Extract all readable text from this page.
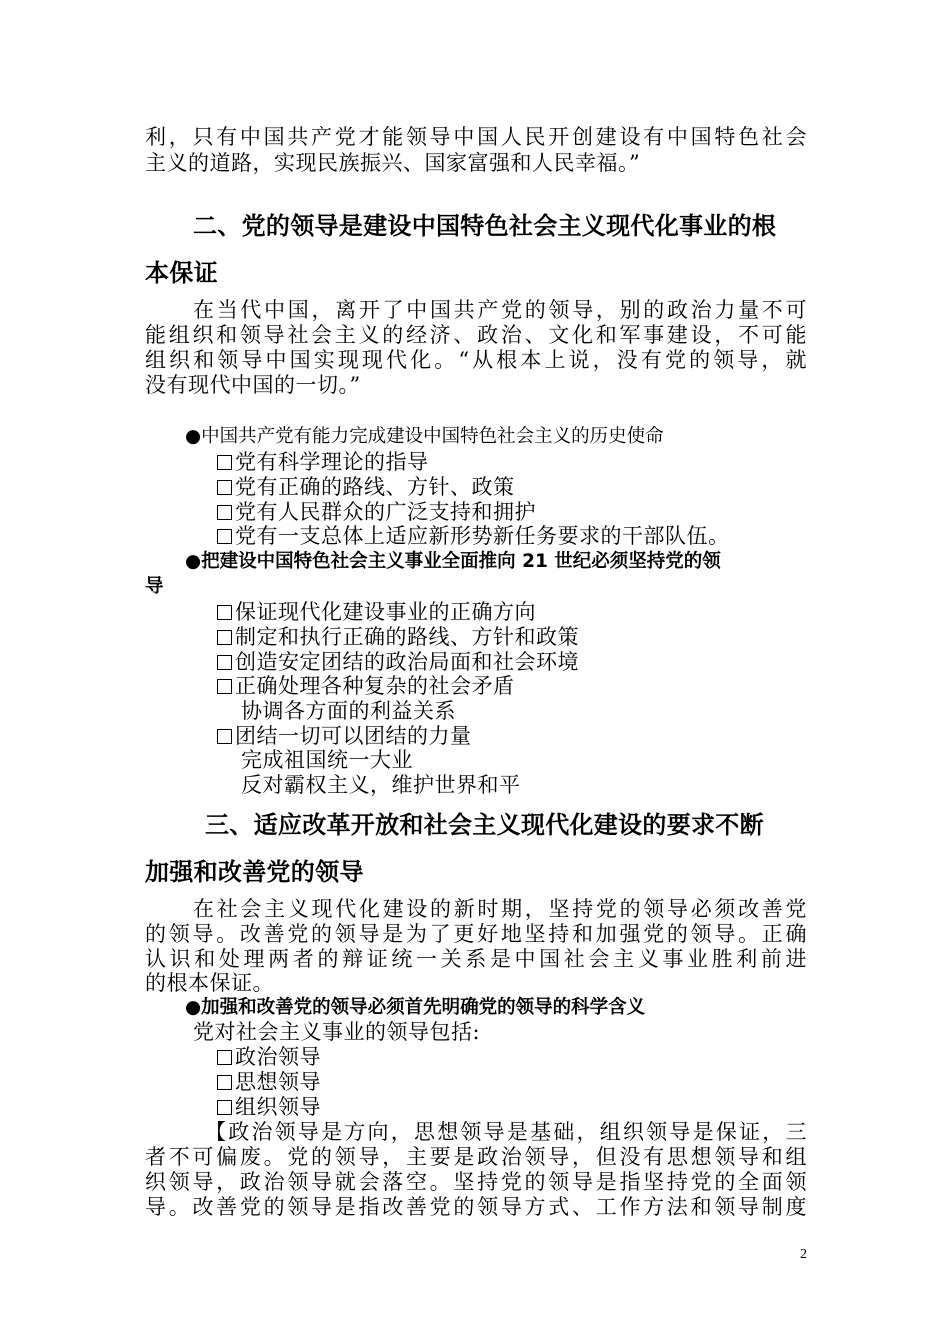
利，只有中国共产党才能领导中国人民开创建设有中国特色社会
主义的道路，实现民族振兴、国家富强和人民幸福。”
二、党的领导是建设中国特色社会主义现代化事业的根
本保证
在当代中国，离开了中国共产党的领导，别的政治力量不可
能组织和领导社会主义的经济、政治、文化和军事建设，不可能
组织和领导中国实现现代化。“从根本上说，没有党的领导，就
没有现代中国的一切。”
●中国共产党有能力完成建设中国特色社会主义的历史使命
党有科学理论的指导
党有正确的路线、方针、政策
党有人民群众的广泛支持和拥护
党有一支总体上适应新形势新任务要求的干部队伍。
●把建设中国特色社会主义事业全面推向 21 世纪必须坚持党的领
导
保证现代化建设事业的正确方向
制定和执行正确的路线、方针和政策
创造安定团结的政治局面和社会环境
正确处理各种复杂的社会矛盾
协调各方面的利益关系
团结一切可以团结的力量
完成祖国统一大业
反对霸权主义，维护世界和平
三、适应改革开放和社会主义现代化建设的要求不断
加强和改善党的领导
在社会主义现代化建设的新时期，坚持党的领导必须改善党
的领导。改善党的领导是为了更好地坚持和加强党的领导。正确
认识和处理两者的辩证统一关系是中国社会主义事业胜利前进
的根本保证。
●加强和改善党的领导必须首先明确党的领导的科学含义
党对社会主义事业的领导包括:
政治领导
思想领导
组织领导
【政治领导是方向，思想领导是基础，组织领导是保证，三
者不可偏废。党的领导，主要是政治领导，但没有思想领导和组
织领导，政治领导就会落空。坚持党的领导是指坚持党的全面领
导。改善党的领导是指改善党的领导方式、工作方法和领导制度
2
